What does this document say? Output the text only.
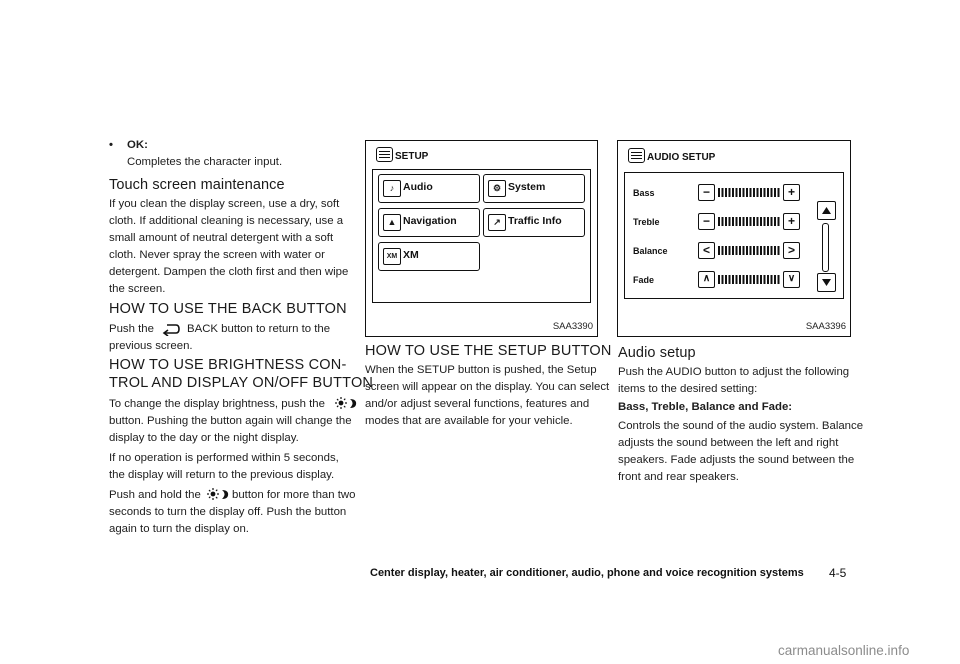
• OK:
Completes the character input.
Touch screen maintenance
If you clean the display screen, use a dry, soft
cloth. If additional cleaning is necessary, use a
small amount of neutral detergent with a soft
cloth. Never spray the screen with water or
detergent. Dampen the cloth first and then wipe
the screen.
HOW TO USE THE BACK BUTTON
Push the	BACK button to return to the
previous screen.
HOW TO USE BRIGHTNESS CON-
TROL AND DISPLAY ON/OFF BUTTON
To change the display brightness, push the
button. Pushing the button again will change the
display to the day or the night display.
If no operation is performed within 5 seconds,
the display will return to the previous display.
Push and hold the	button for more than two
seconds to turn the display off. Push the button
again to turn the display on.
SETUP
♪ Audio	⚙ System
▲ Navigation	↗ Traffic Info
XM XM
SAA3390
HOW TO USE THE SETUP BUTTON
When the SETUP button is pushed, the Setup
screen will appear on the display. You can select
and/or adjust several functions, features and
modes that are available for your vehicle.
AUDIO SETUP
Bass	−	+
Treble	−	+
Balance	<	>
Fade	∧	∨
SAA3396
Audio setup
Push the AUDIO button to adjust the following
items to the desired setting:
Bass, Treble, Balance and Fade:
Controls the sound of the audio system. Balance
adjusts the sound between the left and right
speakers. Fade adjusts the sound between the
front and rear speakers.
Center display, heater, air conditioner, audio, phone and voice recognition systems 4-5
carmanualsonline.info
